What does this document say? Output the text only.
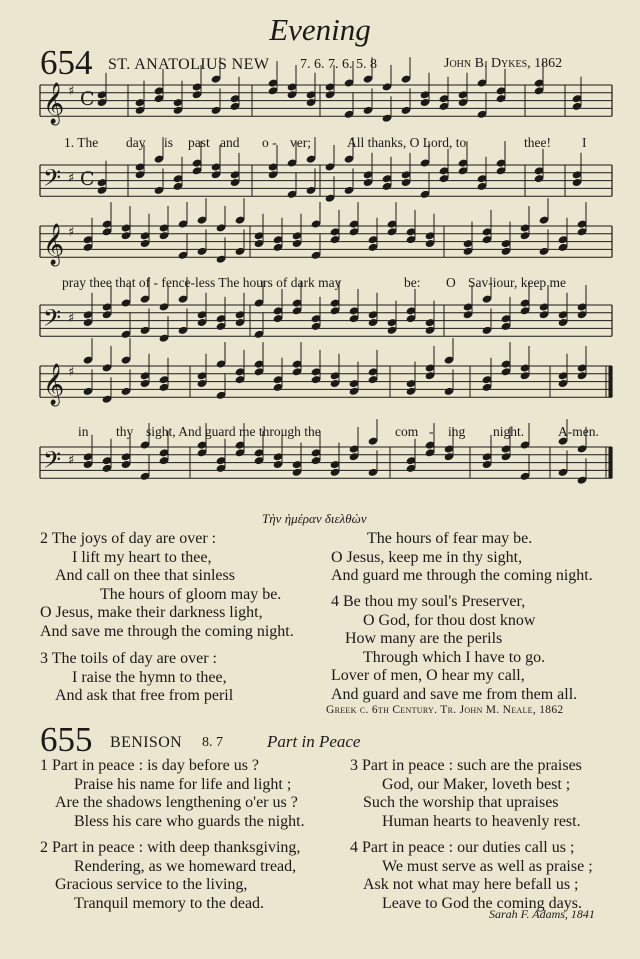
Evening
654 ST. ANATOLIUS NEW 7. 6. 7. 6. 5. 8	John B. Dykes, 1862
𝄞 ♯ C
𝄢 ♯ C
𝄞 ♯
𝄢 ♯
𝄞 ♯
𝄢 ♯
1. The day is past and o - ver;	All thanks, O Lord, to	thee! I
pray thee that of - fence-less The hours of dark may	be: O Sav-iour, keep me
in thy sight, And guard me through the	com - ing night.	A-men.
Τὴν ἡμέραν διελθὼν
2 The joys of day are over :
I lift my heart to thee,
And call on thee that sinless
The hours of gloom may be.
O Jesus, make their darkness light,
And save me through the coming night.
3 The toils of day are over :
I raise the hymn to thee,
And ask that free from peril
The hours of fear may be.
O Jesus, keep me in thy sight,
And guard me through the coming night.
4 Be thou my soul's Preserver,
O God, for thou dost know
How many are the perils
Through which I have to go.
Lover of men, O hear my call,
And guard and save me from them all.
Greek c. 6th Century. Tr. John M. Neale, 1862
655 BENISON 8. 7	Part in Peace
1 Part in peace : is day before us ?
Praise his name for life and light ;
Are the shadows lengthening o'er us ?
Bless his care who guards the night.
2 Part in peace : with deep thanksgiving,
Rendering, as we homeward tread,
Gracious service to the living,
Tranquil memory to the dead.
3 Part in peace : such are the praises
God, our Maker, loveth best ;
Such the worship that upraises
Human hearts to heavenly rest.
4 Part in peace : our duties call us ;
We must serve as well as praise ;
Ask not what may here befall us ;
Leave to God the coming days.
Sarah F. Adams, 1841
